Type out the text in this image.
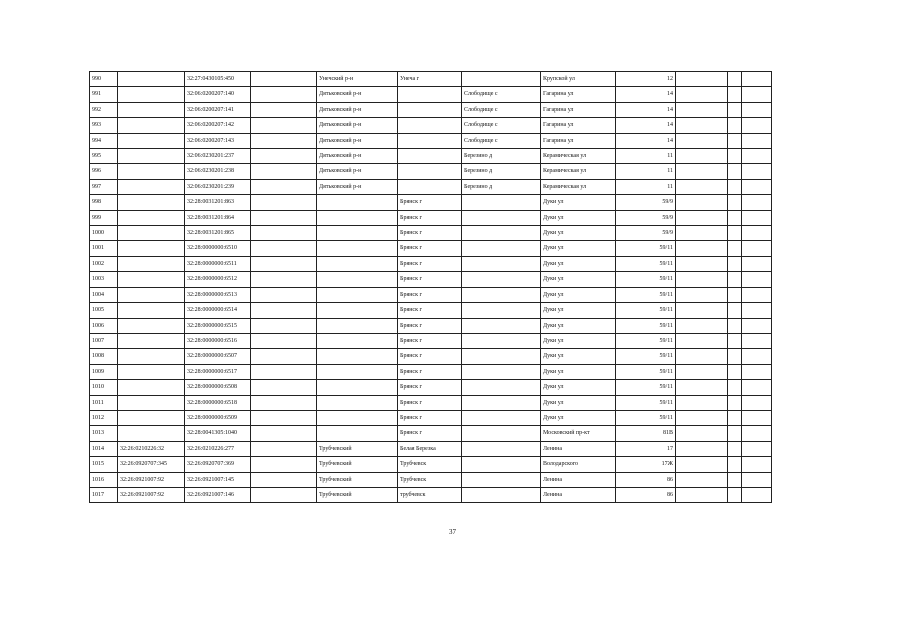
990		32:27:0430105:450		Унечский р-н	Унеча г		Крупской ул	12			
991		32:06:0200207:140		Дятьковский р-н		Слободище с	Гагарина ул	14			
992		32:06:0200207:141		Дятьковский р-н		Слободище с	Гагарина ул	14			
993		32:06:0200207:142		Дятьковский р-н		Слободище с	Гагарина ул	14			
994		32:06:0200207:143		Дятьковский р-н		Слободище с	Гагарина ул	14			
995		32:06:0230201:237		Дятьковский р-н		Березино д	Керамическая ул	11			
996		32:06:0230201:238		Дятьковский р-н		Березино д	Керамическая ул	11			
997		32:06:0230201:239		Дятьковский р-н		Березино д	Керамическая ул	11			
998		32:28:0031201:863			Брянск г		Дуки ул	59/9			
999		32:28:0031201:864			Брянск г		Дуки ул	59/9			
1000		32:28:0031201:865			Брянск г		Дуки ул	59/9			
1001		32:28:0000000:6510			Брянск г		Дуки ул	59/11			
1002		32:28:0000000:6511			Брянск г		Дуки ул	59/11			
1003		32:28:0000000:6512			Брянск г		Дуки ул	59/11			
1004		32:28:0000000:6513			Брянск г		Дуки ул	59/11			
1005		32:28:0000000:6514			Брянск г		Дуки ул	59/11			
1006		32:28:0000000:6515			Брянск г		Дуки ул	59/11			
1007		32:28:0000000:6516			Брянск г		Дуки ул	59/11			
1008		32:28:0000000:6507			Брянск г		Дуки ул	59/11			
1009		32:28:0000000:6517			Брянск г		Дуки ул	59/11			
1010		32:28:0000000:6508			Брянск г		Дуки ул	59/11			
1011		32:28:0000000:6518			Брянск г		Дуки ул	59/11			
1012		32:28:0000000:6509			Брянск г		Дуки ул	59/11			
1013		32:28:0041305:1040			Брянск г		Московский пр-кт	81В			
1014	32:26:0210226:32	32:26:0210226:277		Трубчевский	Белая Березка		Ленина	17			
1015	32:26:0920707:345	32:26:0920707:369		Трубчевский	Трубчевск		Володарского	17Ж			
1016	32:26:0921007:92	32:26:0921007:145		Трубчевский	Трубчевск		Ленина	86			
1017	32:26:0921007:92	32:26:0921007:146		Трубчевский	трубчевск		Ленина	86			
37
